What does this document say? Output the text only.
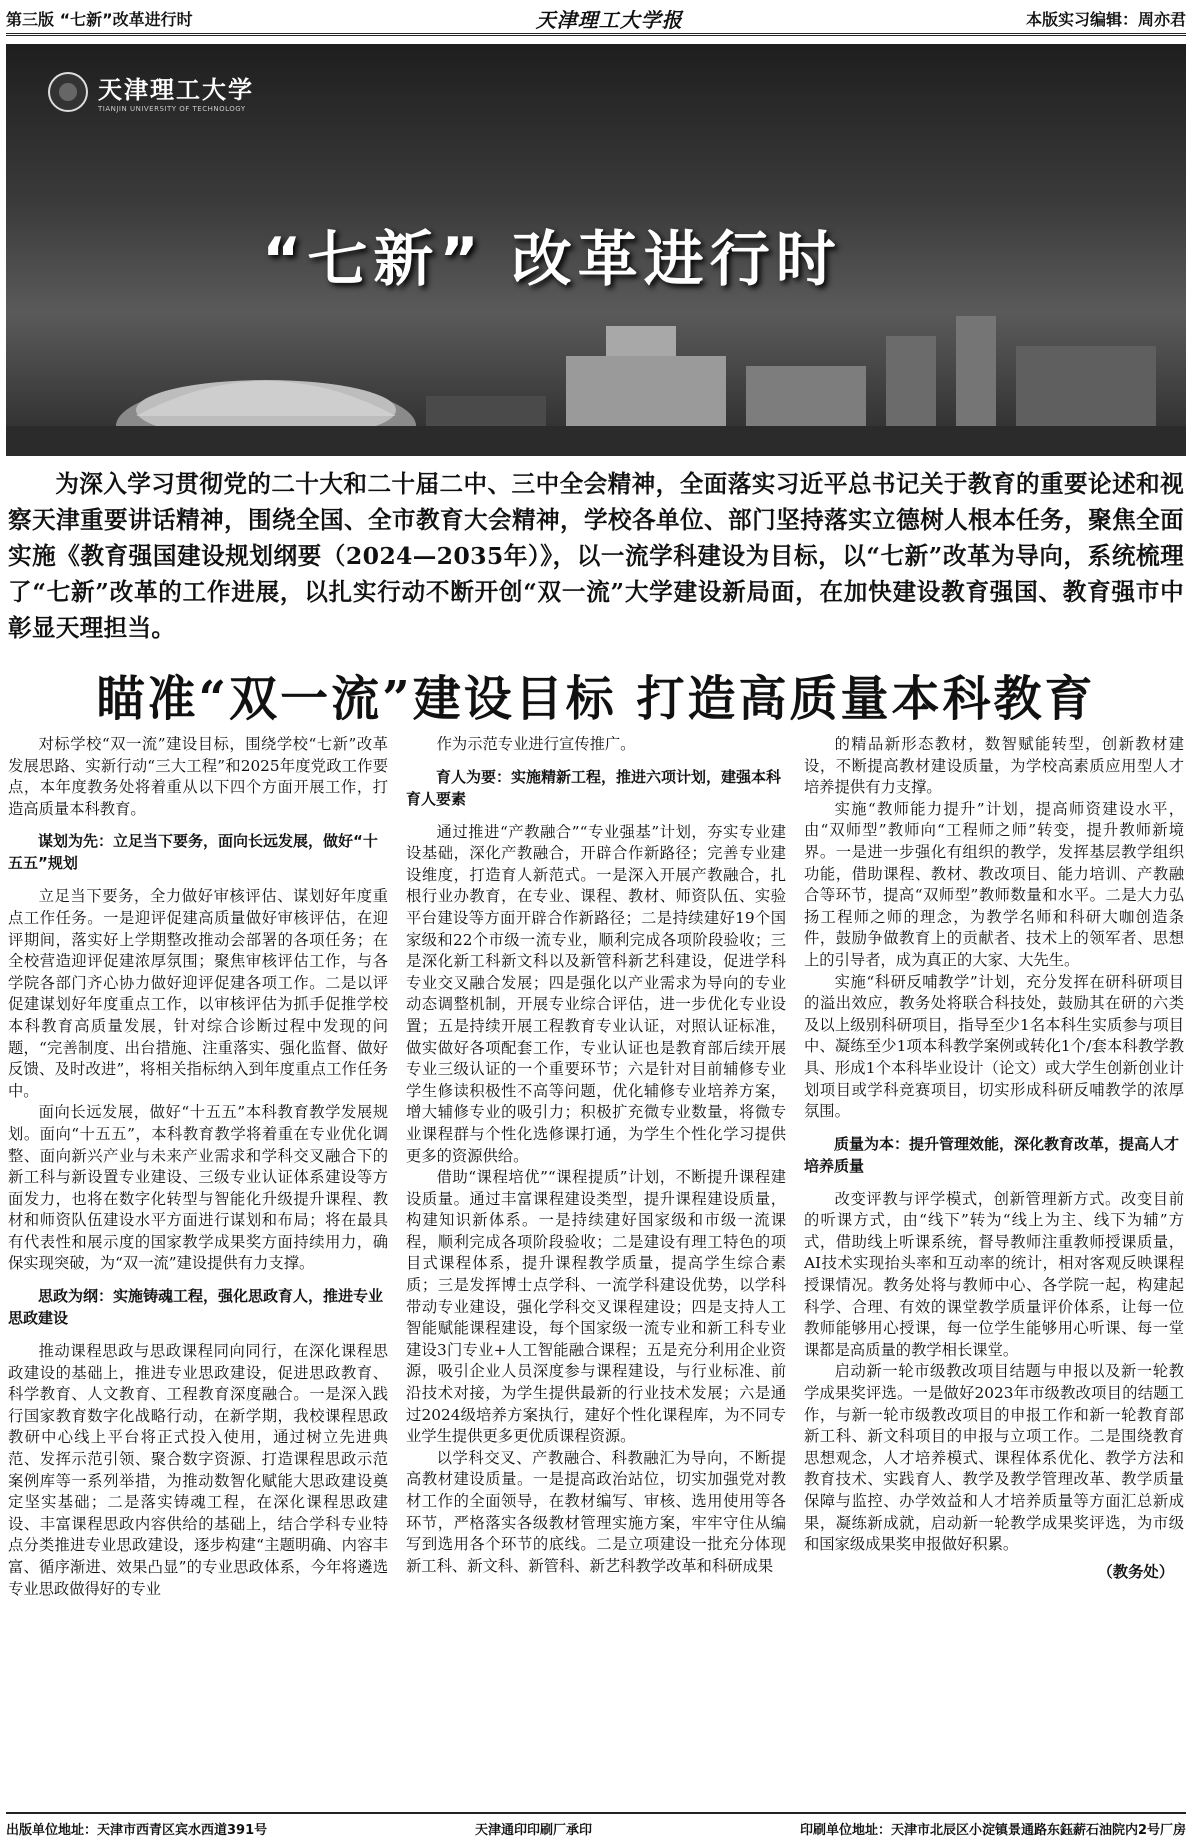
第三版 “七新”改革进行时	天津理工大学报	本版实习编辑：周亦君
天津理工大学
TIANJIN UNIVERSITY OF TECHNOLOGY
“七新” 改革进行时

为深入学习贯彻党的二十大和二十届二中、三中全会精神，全面落实习近平总书记关于教育的重要论述和视察天津重要讲话精神，围绕全国、全市教育大会精神，学校各单位、部门坚持落实立德树人根本任务，聚焦全面实施《教育强国建设规划纲要（2024—2035年）》，以一流学科建设为目标，以“七新”改革为导向，系统梳理了“七新”改革的工作进展，以扎实行动不断开创“双一流”大学建设新局面，在加快建设教育强国、教育强市中彰显天理担当。

瞄准“双一流”建设目标 打造高质量本科教育

对标学校“双一流”建设目标，围绕学校“七新”改革发展思路、实新行动“三大工程”和2025年度党政工作要点，本年度教务处将着重从以下四个方面开展工作，打造高质量本科教育。

谋划为先：立足当下要务，面向长远发展，做好“十五五”规划

立足当下要务，全力做好审核评估、谋划好年度重点工作任务。一是迎评促建高质量做好审核评估，在迎评期间，落实好上学期整改推动会部署的各项任务；在全校营造迎评促建浓厚氛围；聚焦审核评估工作，与各学院各部门齐心协力做好迎评促建各项工作。二是以评促建谋划好年度重点工作，以审核评估为抓手促推学校本科教育高质量发展，针对综合诊断过程中发现的问题，“完善制度、出台措施、注重落实、强化监督、做好反馈、及时改进”，将相关指标纳入到年度重点工作任务中。

面向长远发展，做好“十五五”本科教育教学发展规划。面向“十五五”，本科教育教学将着重在专业优化调整、面向新兴产业与未来产业需求和学科交叉融合下的新工科与新设置专业建设、三级专业认证体系建设等方面发力，也将在数字化转型与智能化升级提升课程、教材和师资队伍建设水平方面进行谋划和布局；将在最具有代表性和展示度的国家教学成果奖方面持续用力，确保实现突破，为“双一流”建设提供有力支撑。

思政为纲：实施铸魂工程，强化思政育人，推进专业思政建设

推动课程思政与思政课程同向同行，在深化课程思政建设的基础上，推进专业思政建设，促进思政教育、科学教育、人文教育、工程教育深度融合。一是深入践行国家教育数字化战略行动，在新学期，我校课程思政教研中心线上平台将正式投入使用，通过树立先进典范、发挥示范引领、聚合数字资源、打造课程思政示范案例库等一系列举措，为推动数智化赋能大思政建设奠定坚实基础；二是落实铸魂工程，在深化课程思政建设、丰富课程思政内容供给的基础上，结合学科专业特点分类推进专业思政建设，逐步构建“主题明确、内容丰富、循序渐进、效果凸显”的专业思政体系，今年将遴选专业思政做得好的专业

作为示范专业进行宣传推广。

育人为要：实施精新工程，推进六项计划，建强本科育人要素

通过推进“产教融合”“专业强基”计划，夯实专业建设基础，深化产教融合，开辟合作新路径；完善专业建设维度，打造育人新范式。一是深入开展产教融合，扎根行业办教育，在专业、课程、教材、师资队伍、实验平台建设等方面开辟合作新路径；二是持续建好19个国家级和22个市级一流专业，顺利完成各项阶段验收；三是深化新工科新文科以及新管科新艺科建设，促进学科专业交叉融合发展；四是强化以产业需求为导向的专业动态调整机制，开展专业综合评估，进一步优化专业设置；五是持续开展工程教育专业认证，对照认证标准，做实做好各项配套工作，专业认证也是教育部后续开展专业三级认证的一个重要环节；六是针对目前辅修专业学生修读积极性不高等问题，优化辅修专业培养方案，增大辅修专业的吸引力；积极扩充微专业数量，将微专业课程群与个性化选修课打通，为学生个性化学习提供更多的资源供给。

借助“课程培优”“课程提质”计划，不断提升课程建设质量。通过丰富课程建设类型，提升课程建设质量，构建知识新体系。一是持续建好国家级和市级一流课程，顺利完成各项阶段验收；二是建设有理工特色的项目式课程体系，提升课程教学质量，提高学生综合素质；三是发挥博士点学科、一流学科建设优势，以学科带动专业建设，强化学科交叉课程建设；四是支持人工智能赋能课程建设，每个国家级一流专业和新工科专业建设3门专业+人工智能融合课程；五是充分利用企业资源，吸引企业人员深度参与课程建设，与行业标准、前沿技术对接，为学生提供最新的行业技术发展；六是通过2024级培养方案执行，建好个性化课程库，为不同专业学生提供更多更优质课程资源。

以学科交叉、产教融合、科教融汇为导向，不断提高教材建设质量。一是提高政治站位，切实加强党对教材工作的全面领导，在教材编写、审核、选用使用等各环节，严格落实各级教材管理实施方案，牢牢守住从编写到选用各个环节的底线。二是立项建设一批充分体现新工科、新文科、新管科、新艺科教学改革和科研成果

的精品新形态教材，数智赋能转型，创新教材建设，不断提高教材建设质量，为学校高素质应用型人才培养提供有力支撑。

实施“教师能力提升”计划，提高师资建设水平，由“双师型”教师向“工程师之师”转变，提升教师新境界。一是进一步强化有组织的教学，发挥基层教学组织功能，借助课程、教材、教改项目、能力培训、产教融合等环节，提高“双师型”教师数量和水平。二是大力弘扬工程师之师的理念，为教学名师和科研大咖创造条件，鼓励争做教育上的贡献者、技术上的领军者、思想上的引导者，成为真正的大家、大先生。

实施“科研反哺教学”计划，充分发挥在研科研项目的溢出效应，教务处将联合科技处，鼓励其在研的六类及以上级别科研项目，指导至少1名本科生实质参与项目中、凝练至少1项本科教学案例或转化1个/套本科教学教具、形成1个本科毕业设计（论文）或大学生创新创业计划项目或学科竞赛项目，切实形成科研反哺教学的浓厚氛围。

质量为本：提升管理效能，深化教育改革，提高人才培养质量

改变评教与评学模式，创新管理新方式。改变目前的听课方式，由“线下”转为“线上为主、线下为辅”方式，借助线上听课系统，督导教师注重教师授课质量，AI技术实现抬头率和互动率的统计，相对客观反映课程授课情况。教务处将与教师中心、各学院一起，构建起科学、合理、有效的课堂教学质量评价体系，让每一位教师能够用心授课，每一位学生能够用心听课、每一堂课都是高质量的教学相长课堂。

启动新一轮市级教改项目结题与申报以及新一轮教学成果奖评选。一是做好2023年市级教改项目的结题工作，与新一轮市级教改项目的申报工作和新一轮教育部新工科、新文科项目的申报与立项工作。二是围绕教育思想观念，人才培养模式、课程体系优化、教学方法和教育技术、实践育人、教学及教学管理改革、教学质量保障与监控、办学效益和人才培养质量等方面汇总新成果，凝练新成就，启动新一轮教学成果奖评选，为市级和国家级成果奖申报做好积累。

（教务处）

出版单位地址：天津市西青区宾水西道391号	天津通印印刷厂承印	印刷单位地址：天津市北辰区小淀镇景通路东鈺薪石油院内2号厂房
